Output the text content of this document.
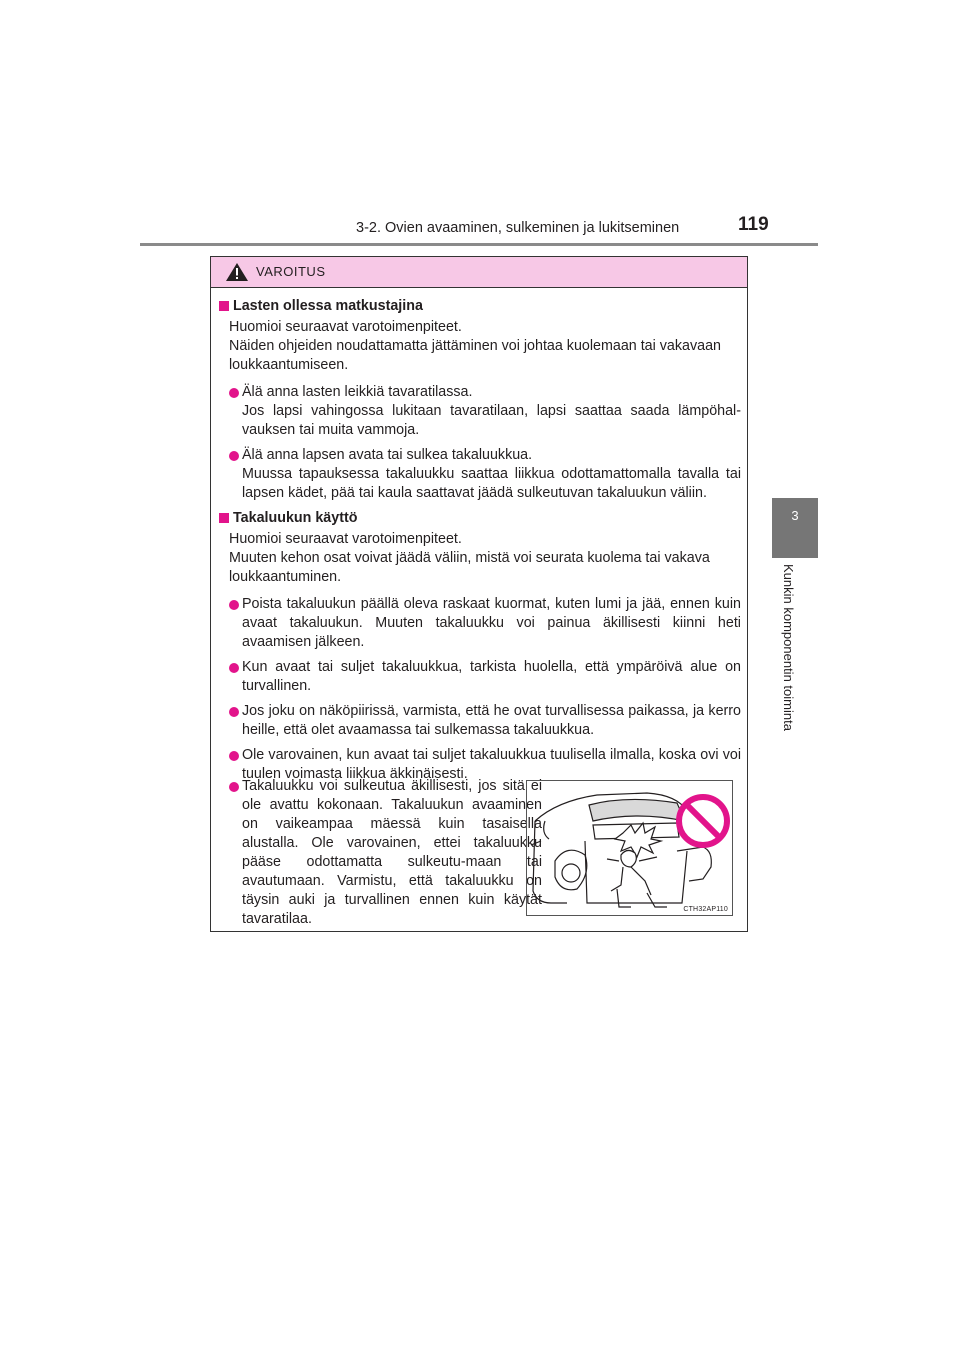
3-2. Ovien avaaminen, sulkeminen ja lukitseminen	119
3
Kunkin komponentin toiminta
VAROITUS
Lasten ollessa matkustajina
Huomioi seuraavat varotoimenpiteet.
Näiden ohjeiden noudattamatta jättäminen voi johtaa kuolemaan tai vakavaan loukkaantumiseen.
Älä anna lasten leikkiä tavaratilassa.
Jos lapsi vahingossa lukitaan tavaratilaan, lapsi saattaa saada lämpöhal-vauksen tai muita vammoja.
Älä anna lapsen avata tai sulkea takaluukkua.
Muussa tapauksessa takaluukku saattaa liikkua odottamattomalla tavalla tai lapsen kädet, pää tai kaula saattavat jäädä sulkeutuvan takaluukun väliin.
Takaluukun käyttö
Huomioi seuraavat varotoimenpiteet.
Muuten kehon osat voivat jäädä väliin, mistä voi seurata kuolema tai vakava loukkaantuminen.
Poista takaluukun päällä oleva raskaat kuormat, kuten lumi ja jää, ennen kuin avaat takaluukun. Muuten takaluukku voi painua äkillisesti kiinni heti avaamisen jälkeen.
Kun avaat tai suljet takaluukkua, tarkista huolella, että ympäröivä alue on turvallinen.
Jos joku on näköpiirissä, varmista, että he ovat turvallisessa paikassa, ja kerro heille, että olet avaamassa tai sulkemassa takaluukkua.
Ole varovainen, kun avaat tai suljet takaluukkua tuulisella ilmalla, koska ovi voi tuulen voimasta liikkua äkkinäisesti.
Takaluukku voi sulkeutua äkillisesti, jos sitä ei ole avattu kokonaan. Takaluukun avaaminen on vaikeampaa mäessä kuin tasaisella alustalla. Ole varovainen, ettei takaluukku pääse odottamatta sulkeutu-maan tai avautumaan. Varmistu, että takaluukku on täysin auki ja turvallinen ennen kuin käytät tavaratilaa.
CTH32AP110
